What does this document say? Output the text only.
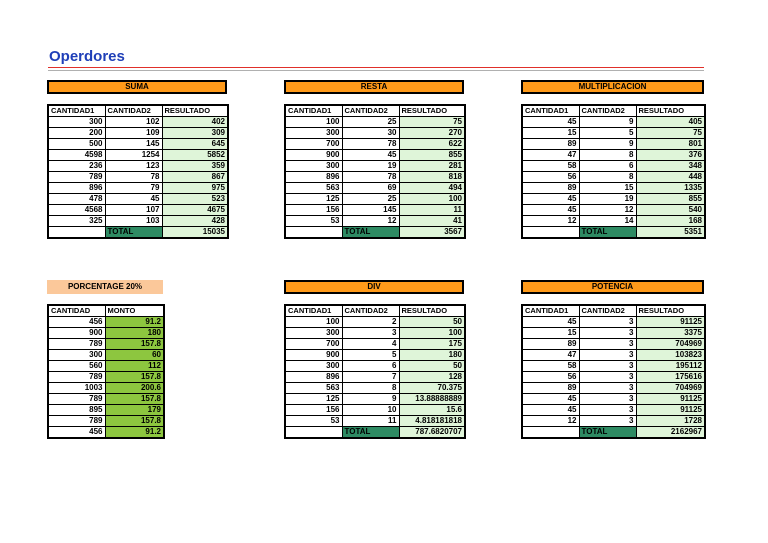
Operdores
SUMA
CANTIDAD1	CANTIDAD2	RESULTADO
300	102	402
200	109	309
500	145	645
4598	1254	5852
236	123	359
789	78	867
896	79	975
478	45	523
4568	107	4675
325	103	428
	TOTAL	15035
RESTA
CANTIDAD1	CANTIDAD2	RESULTADO
100	25	75
300	30	270
700	78	622
900	45	855
300	19	281
896	78	818
563	69	494
125	25	100
156	145	11
53	12	41
	TOTAL	3567
MULTIPLICACION
CANTIDAD1	CANTIDAD2	RESULTADO
45	9	405
15	5	75
89	9	801
47	8	376
58	6	348
56	8	448
89	15	1335
45	19	855
45	12	540
12	14	168
	TOTAL	5351
PORCENTAGE 20%
CANTIDAD	MONTO
456	91.2
900	180
789	157.8
300	60
560	112
789	157.8
1003	200.6
789	157.8
895	179
789	157.8
456	91.2
DIV
CANTIDAD1	CANTIDAD2	RESULTADO
100	2	50
300	3	100
700	4	175
900	5	180
300	6	50
896	7	128
563	8	70.375
125	9	13.88888889
156	10	15.6
53	11	4.818181818
	TOTAL	787.6820707
POTENCIA
CANTIDAD1	CANTIDAD2	RESULTADO
45	3	91125
15	3	3375
89	3	704969
47	3	103823
58	3	195112
56	3	175616
89	3	704969
45	3	91125
45	3	91125
12	3	1728
	TOTAL	2162967
